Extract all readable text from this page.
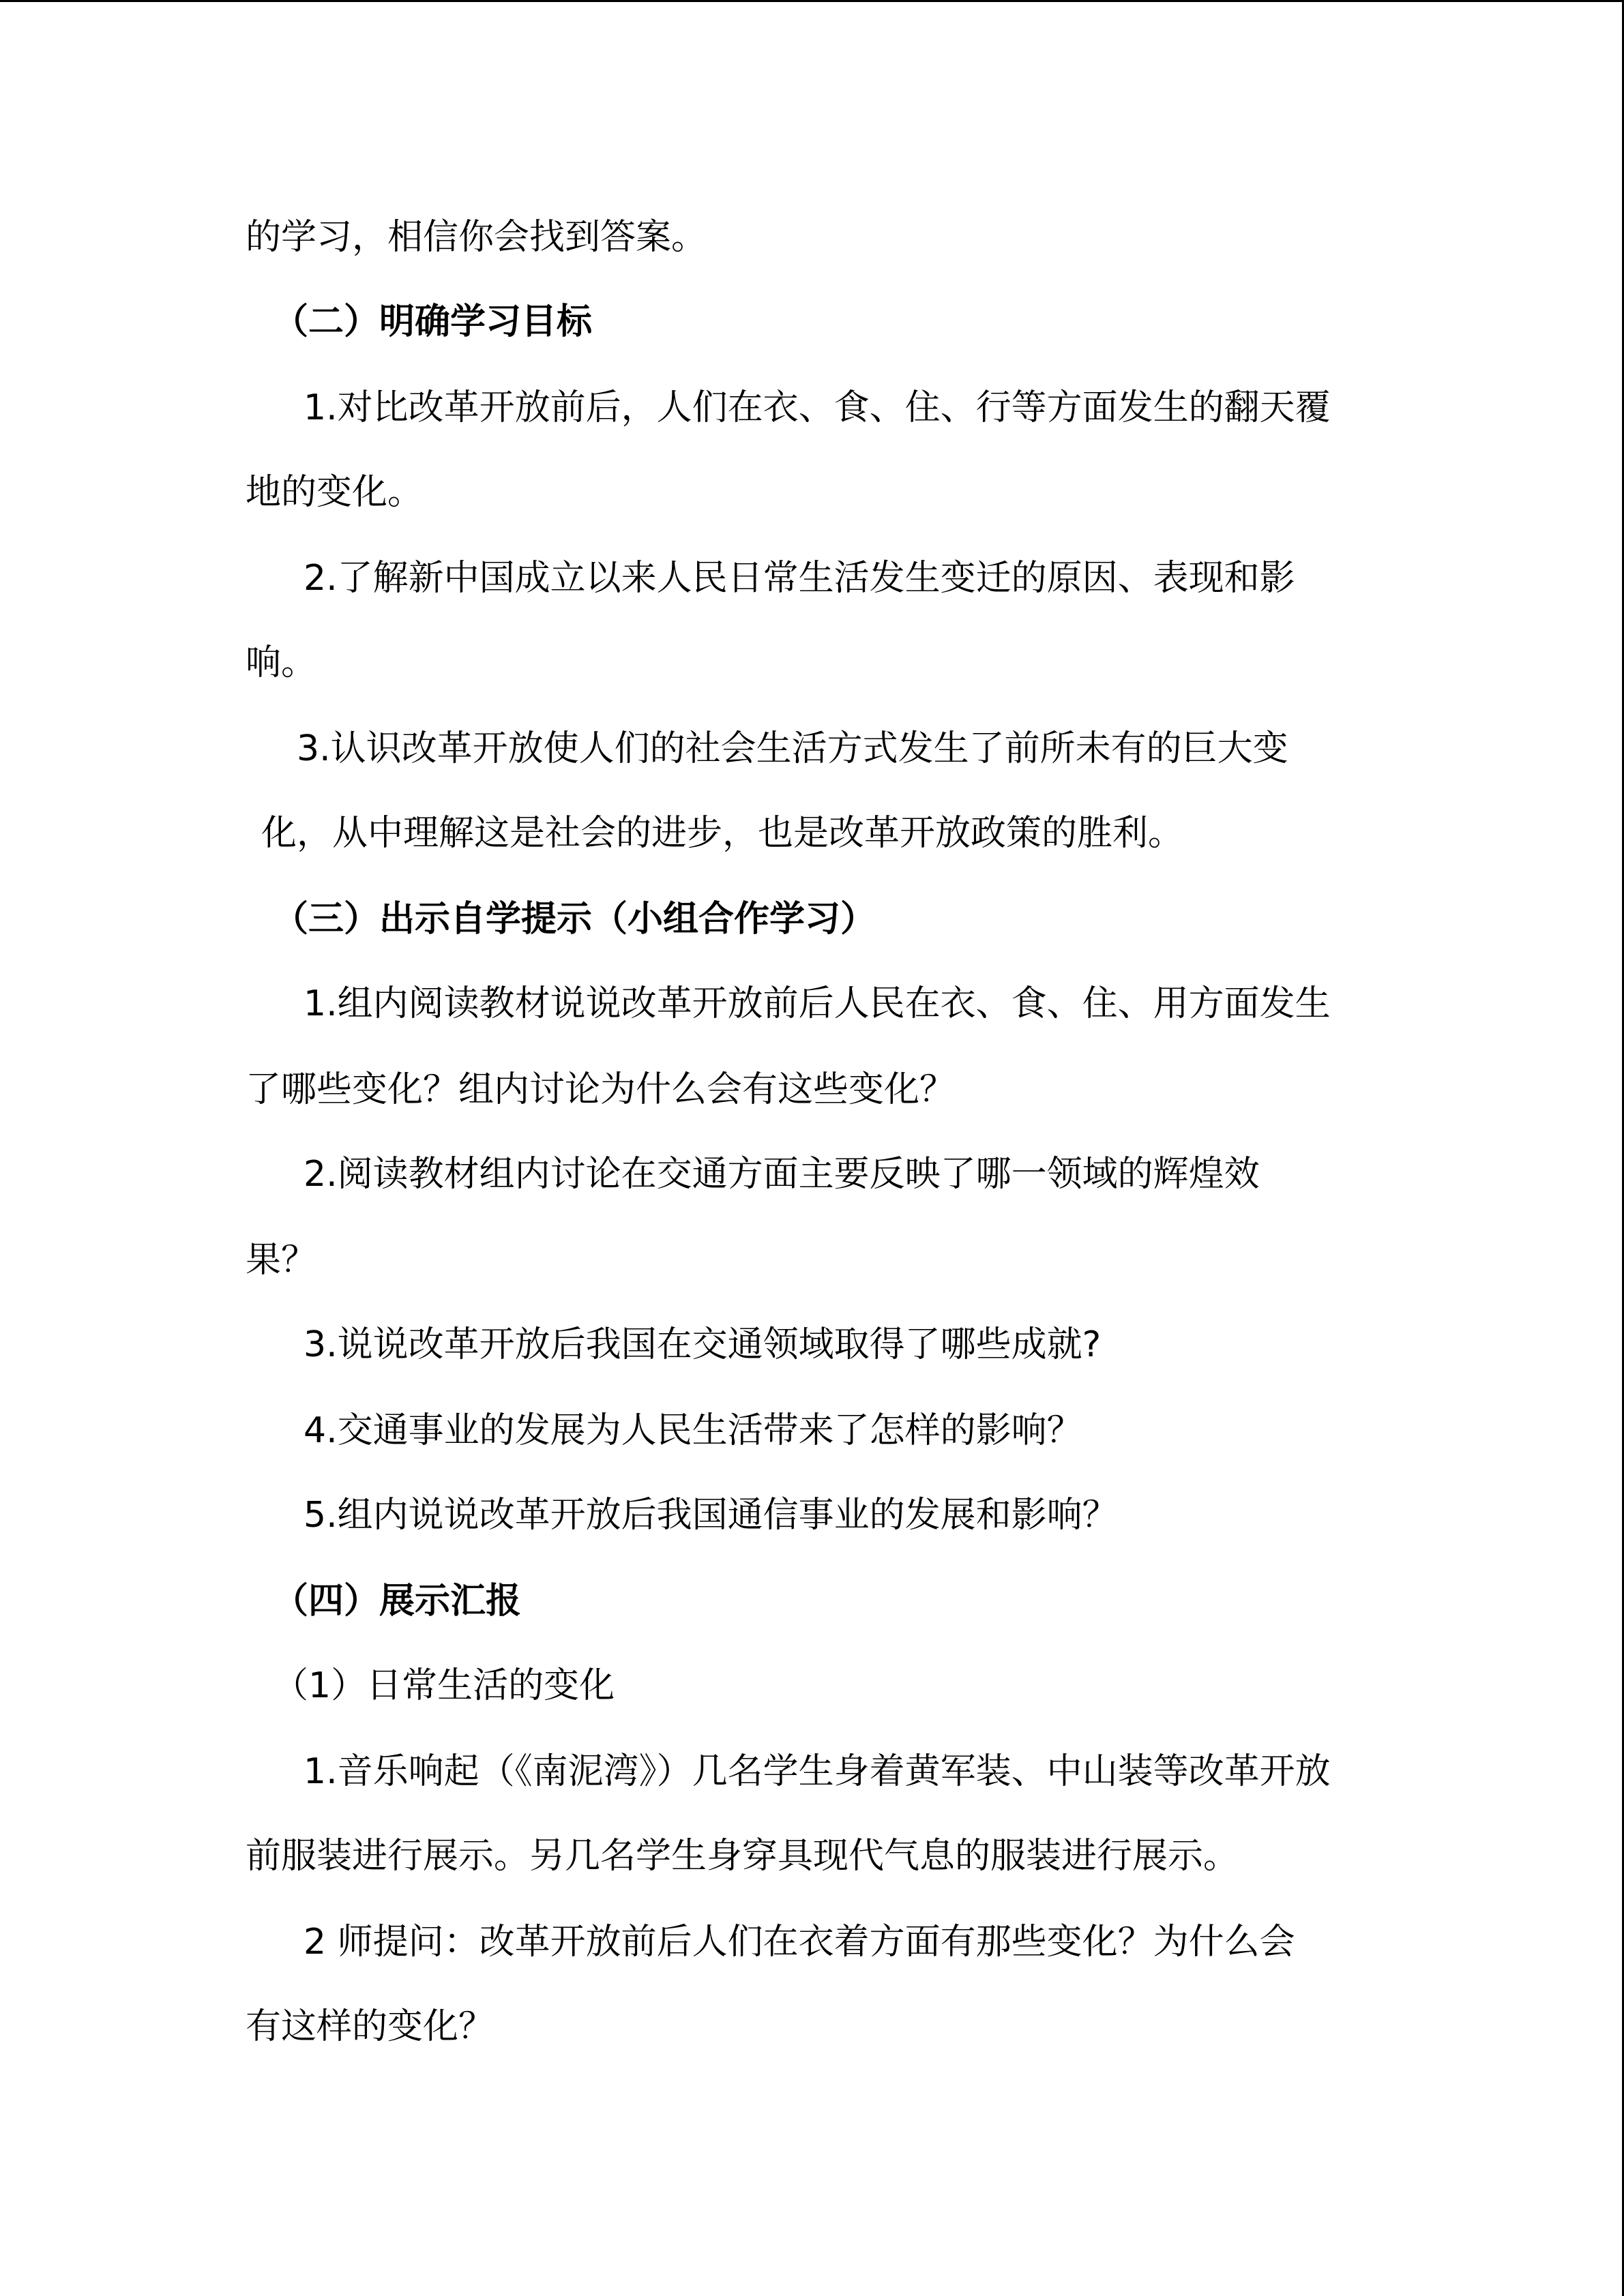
的学习，相信你会找到答案。
（二）明确学习目标
1.对比改革开放前后，人们在衣、食、住、行等方面发生的翻天覆
地的变化。
2.了解新中国成立以来人民日常生活发生变迁的原因、表现和影
响。
3.认识改革开放使人们的社会生活方式发生了前所未有的巨大变
化，从中理解这是社会的进步，也是改革开放政策的胜利。
（三）出示自学提示（小组合作学习）
1.组内阅读教材说说改革开放前后人民在衣、食、住、用方面发生
了哪些变化？组内讨论为什么会有这些变化？
2.阅读教材组内讨论在交通方面主要反映了哪一领域的辉煌效
果？
3.说说改革开放后我国在交通领域取得了哪些成就?
4.交通事业的发展为人民生活带来了怎样的影响？
5.组内说说改革开放后我国通信事业的发展和影响？
（四）展示汇报
（1）日常生活的变化
1.音乐响起（《南泥湾》）几名学生身着黄军装、中山装等改革开放
前服装进行展示。另几名学生身穿具现代气息的服装进行展示。
2 师提问：改革开放前后人们在衣着方面有那些变化？为什么会
有这样的变化？
